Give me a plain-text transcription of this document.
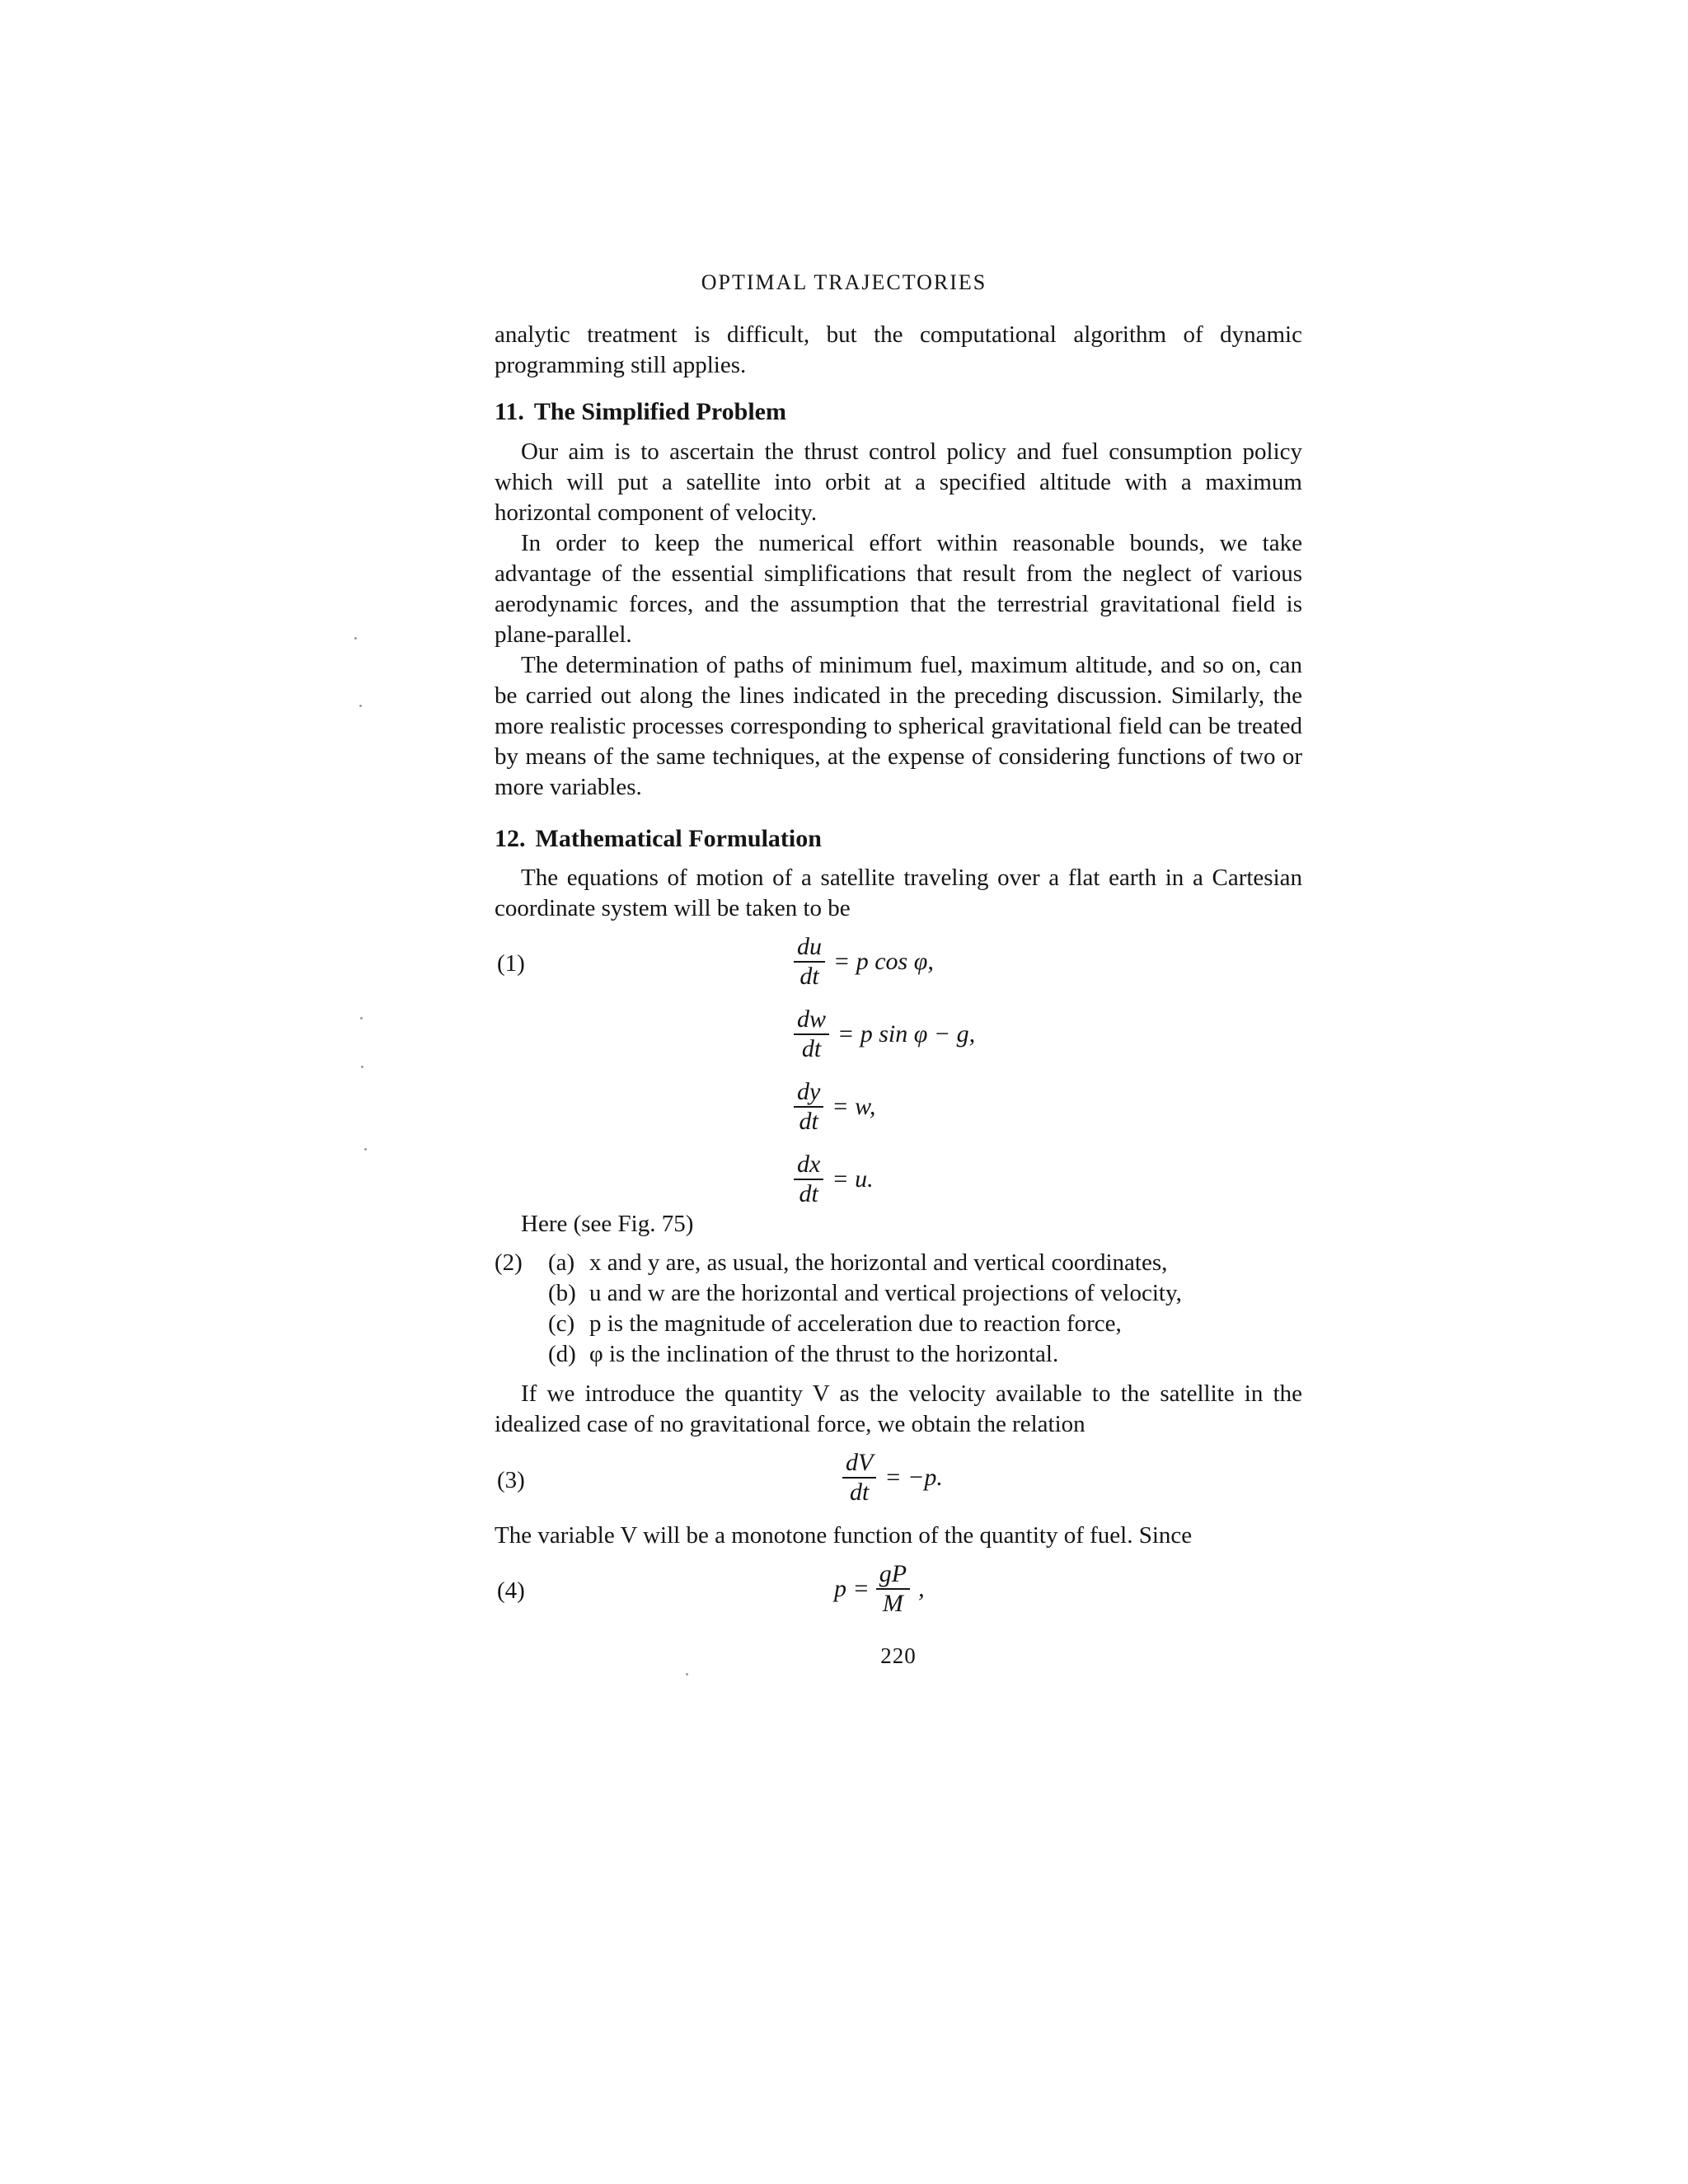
OPTIMAL TRAJECTORIES

analytic treatment is difficult, but the computational algorithm of dynamic programming still applies.

11. The Simplified Problem

Our aim is to ascertain the thrust control policy and fuel consumption policy which will put a satellite into orbit at a specified altitude with a maximum horizontal component of velocity.

In order to keep the numerical effort within reasonable bounds, we take advantage of the essential simplifications that result from the neglect of various aerodynamic forces, and the assumption that the terrestrial gravitational field is plane-parallel.

The determination of paths of minimum fuel, maximum altitude, and so on, can be carried out along the lines indicated in the preceding discussion. Similarly, the more realistic processes corresponding to spherical gravitational field can be treated by means of the same techniques, at the expense of considering functions of two or more variables.

12. Mathematical Formulation

The equations of motion of a satellite traveling over a flat earth in a Cartesian coordinate system will be taken to be

(1)	$\frac{du}{dt} = p$ cos φ,
$\frac{dw}{dt} = p$ sin φ − g,
$\frac{dy}{dt} = w$,
$\frac{dx}{dt} = u$.

Here (see Fig. 75)

(2) (a) x and y are, as usual, the horizontal and vertical coordinates,
(b) u and w are the horizontal and vertical projections of velocity,
(c) p is the magnitude of acceleration due to reaction force,
(d) φ is the inclination of the thrust to the horizontal.

If we introduce the quantity V as the velocity available to the satellite in the idealized case of no gravitational force, we obtain the relation

(3)	$\frac{dV}{dt} = -p$.

The variable V will be a monotone function of the quantity of fuel. Since

(4)	$p = \frac{gP}{M}$ ,
220
